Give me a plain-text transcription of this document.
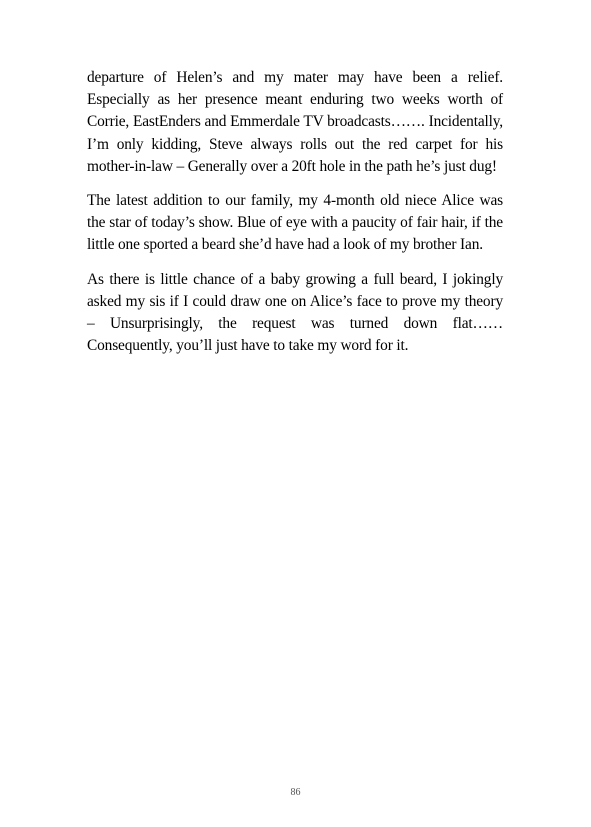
departure of Helen’s and my mater may have been a relief. Especially as her presence meant enduring two weeks worth of Corrie, EastEnders and Emmerdale TV broadcasts……. Incidentally, I’m only kidding, Steve always rolls out the red carpet for his mother-in-law – Generally over a 20ft hole in the path he’s just dug!

The latest addition to our family, my 4-month old niece Alice was the star of today’s show. Blue of eye with a paucity of fair hair, if the little one sported a beard she’d have had a look of my brother Ian.

As there is little chance of a baby growing a full beard, I jokingly asked my sis if I could draw one on Alice’s face to prove my theory – Unsurprisingly, the request was turned down flat…… Consequently, you’ll just have to take my word for it.

86
